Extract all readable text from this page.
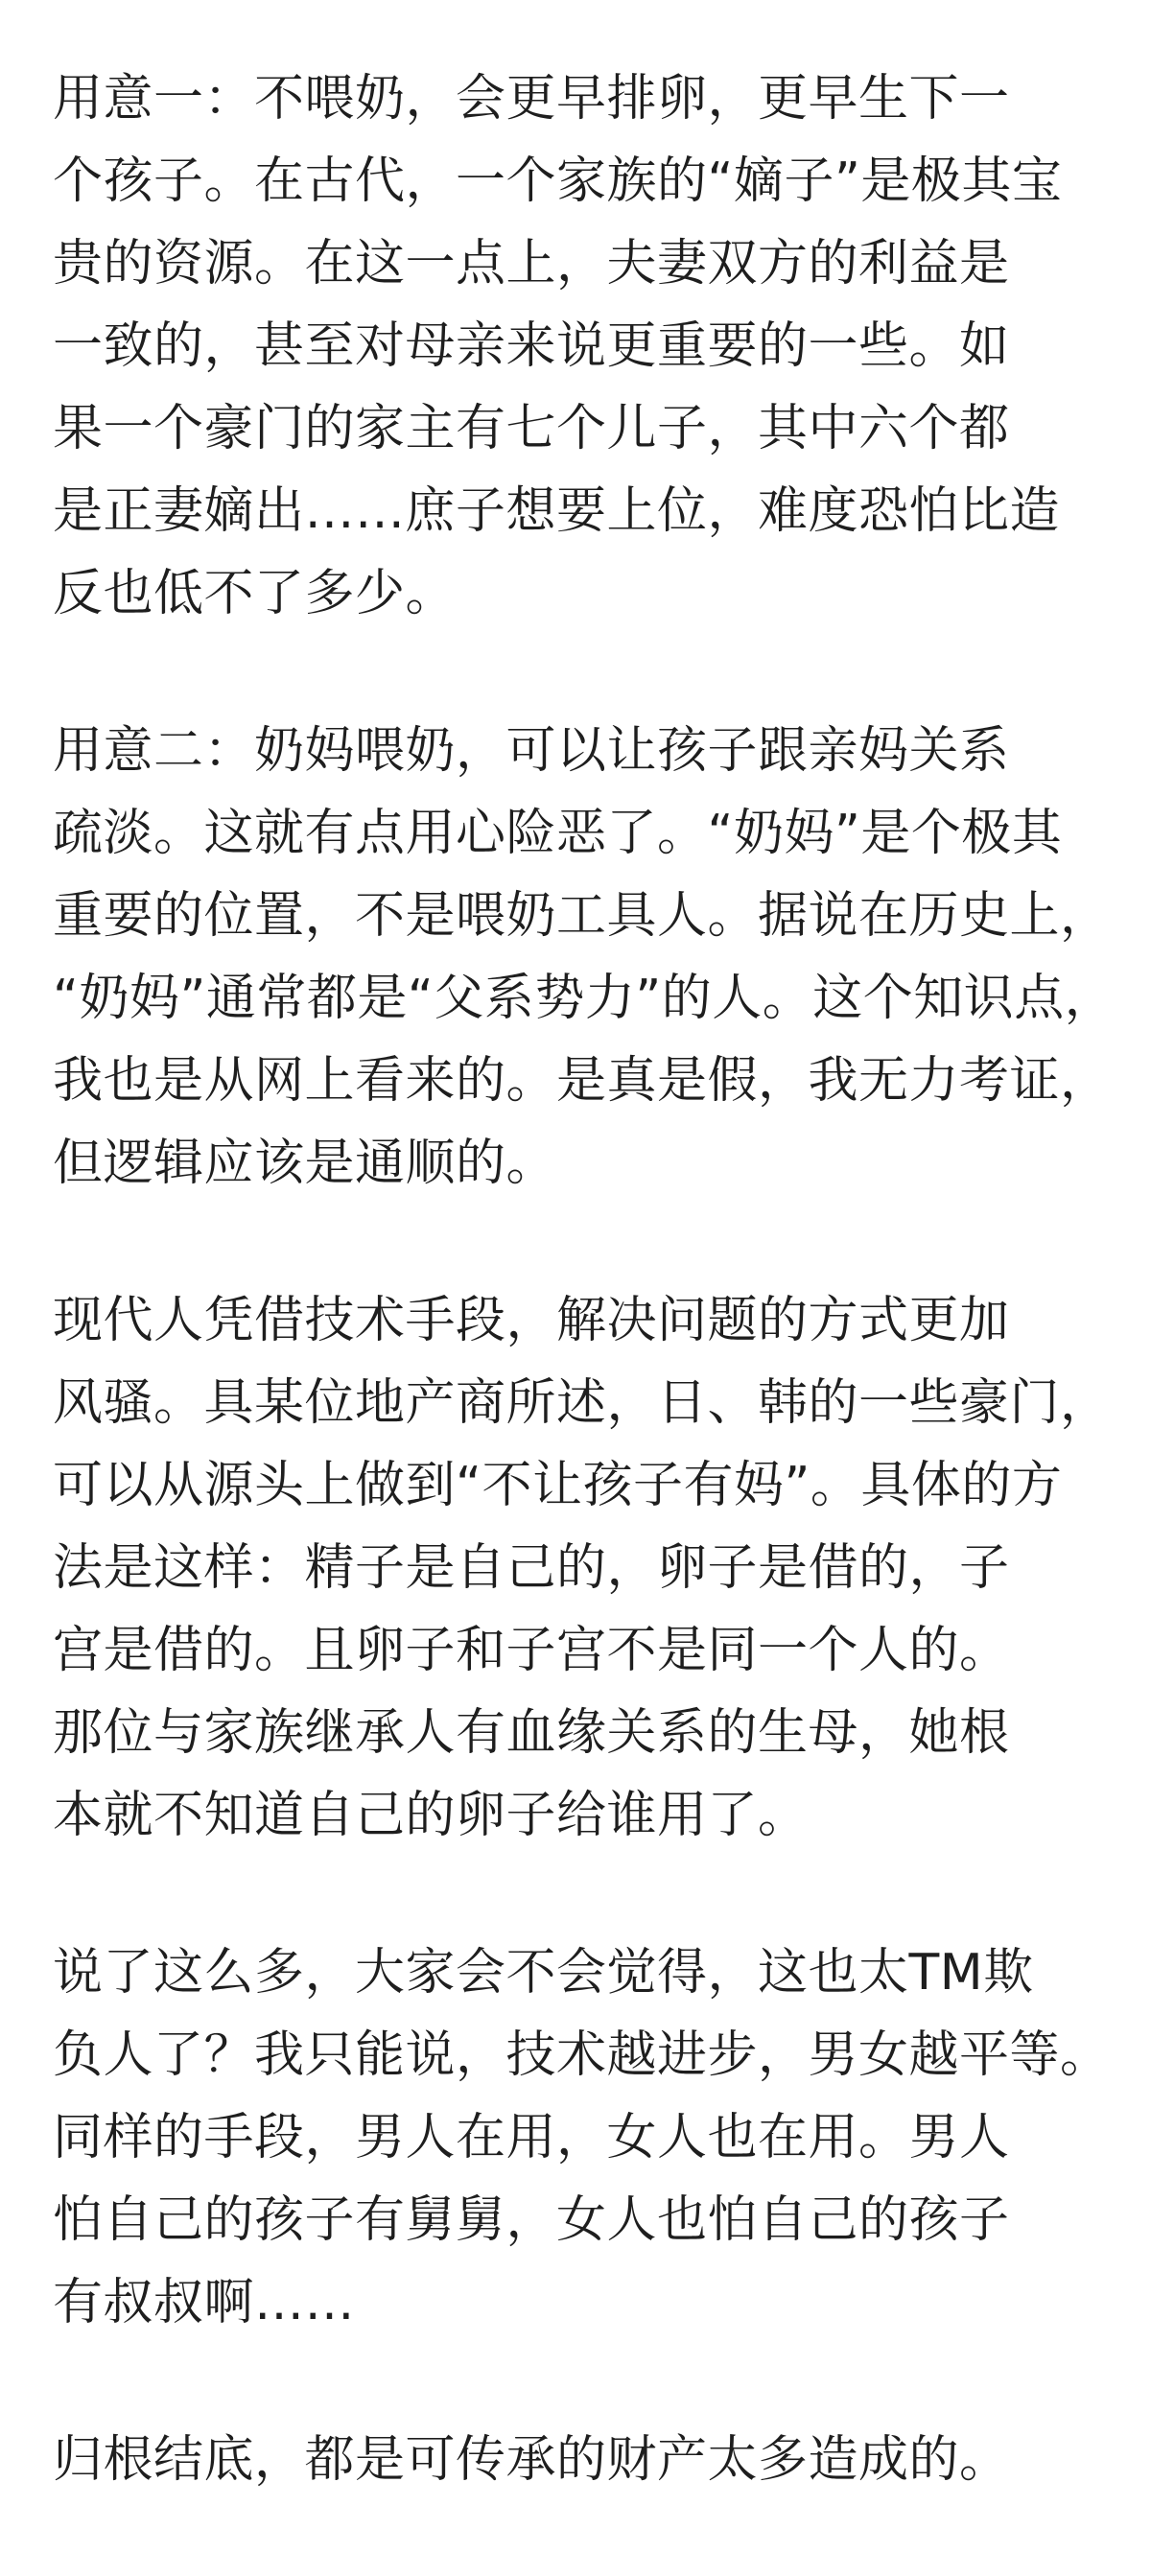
用意一：不喂奶，会更早排卵，更早生下一
个孩子。在古代，一个家族的“嫡子”是极其宝
贵的资源。在这一点上，夫妻双方的利益是
一致的，甚至对母亲来说更重要的一些。如
果一个豪门的家主有七个儿子，其中六个都
是正妻嫡出……庶子想要上位，难度恐怕比造
反也低不了多少。
用意二：奶妈喂奶，可以让孩子跟亲妈关系
疏淡。这就有点用心险恶了。“奶妈”是个极其
重要的位置，不是喂奶工具人。据说在历史上，
“奶妈”通常都是“父系势力”的人。这个知识点，
我也是从网上看来的。是真是假，我无力考证，
但逻辑应该是通顺的。
现代人凭借技术手段，解决问题的方式更加
风骚。具某位地产商所述，日、韩的一些豪门，
可以从源头上做到“不让孩子有妈”。具体的方
法是这样：精子是自己的，卵子是借的，子
宫是借的。且卵子和子宫不是同一个人的。
那位与家族继承人有血缘关系的生母，她根
本就不知道自己的卵子给谁用了。
说了这么多，大家会不会觉得，这也太TM欺
负人了？我只能说，技术越进步，男女越平等。
同样的手段，男人在用，女人也在用。男人
怕自己的孩子有舅舅，女人也怕自己的孩子
有叔叔啊……
归根结底，都是可传承的财产太多造成的。
